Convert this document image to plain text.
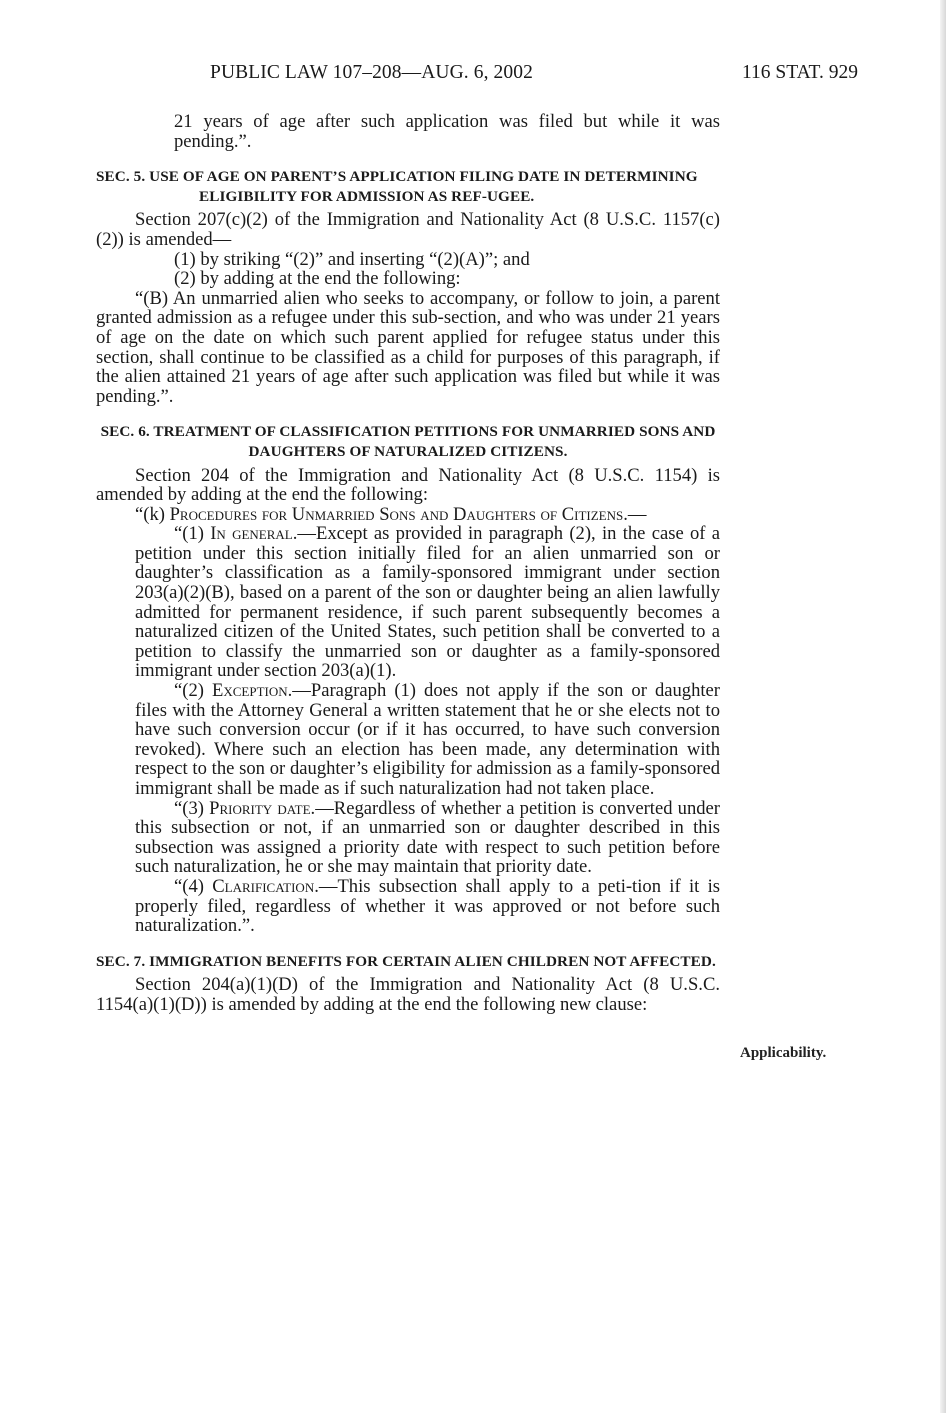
PUBLIC LAW 107–208—AUG. 6, 2002	116 STAT. 929

21 years of age after such application was filed but while it was pending.”.

SEC. 5. USE OF AGE ON PARENT’S APPLICATION FILING DATE IN DETERMINING ELIGIBILITY FOR ADMISSION AS REF-UGEE.

Section 207(c)(2) of the Immigration and Nationality Act (8 U.S.C. 1157(c)(2)) is amended—

(1) by striking “(2)” and inserting “(2)(A)”; and

(2) by adding at the end the following:

“(B) An unmarried alien who seeks to accompany, or follow to join, a parent granted admission as a refugee under this sub-section, and who was under 21 years of age on the date on which such parent applied for refugee status under this section, shall continue to be classified as a child for purposes of this paragraph, if the alien attained 21 years of age after such application was filed but while it was pending.”.

SEC. 6. TREATMENT OF CLASSIFICATION PETITIONS FOR UNMARRIED SONS AND DAUGHTERS OF NATURALIZED CITIZENS.

Section 204 of the Immigration and Nationality Act (8 U.S.C. 1154) is amended by adding at the end the following:

“(k) Procedures for Unmarried Sons and Daughters of Citizens.—

“(1) In general.—Except as provided in paragraph (2), in the case of a petition under this section initially filed for an alien unmarried son or daughter’s classification as a family-sponsored immigrant under section 203(a)(2)(B), based on a parent of the son or daughter being an alien lawfully admitted for permanent residence, if such parent subsequently becomes a naturalized citizen of the United States, such petition shall be converted to a petition to classify the unmarried son or daughter as a family-sponsored immigrant under section 203(a)(1).

“(2) Exception.—Paragraph (1) does not apply if the son or daughter files with the Attorney General a written statement that he or she elects not to have such conversion occur (or if it has occurred, to have such conversion revoked). Where such an election has been made, any determination with respect to the son or daughter’s eligibility for admission as a family-sponsored immigrant shall be made as if such naturalization had not taken place.

“(3) Priority date.—Regardless of whether a petition is converted under this subsection or not, if an unmarried son or daughter described in this subsection was assigned a priority date with respect to such petition before such naturalization, he or she may maintain that priority date.

“(4) Clarification.—This subsection shall apply to a peti-tion if it is properly filed, regardless of whether it was approved or not before such naturalization.”.

SEC. 7. IMMIGRATION BENEFITS FOR CERTAIN ALIEN CHILDREN NOT AFFECTED.

Section 204(a)(1)(D) of the Immigration and Nationality Act (8 U.S.C. 1154(a)(1)(D)) is amended by adding at the end the following new clause:

Applicability.
